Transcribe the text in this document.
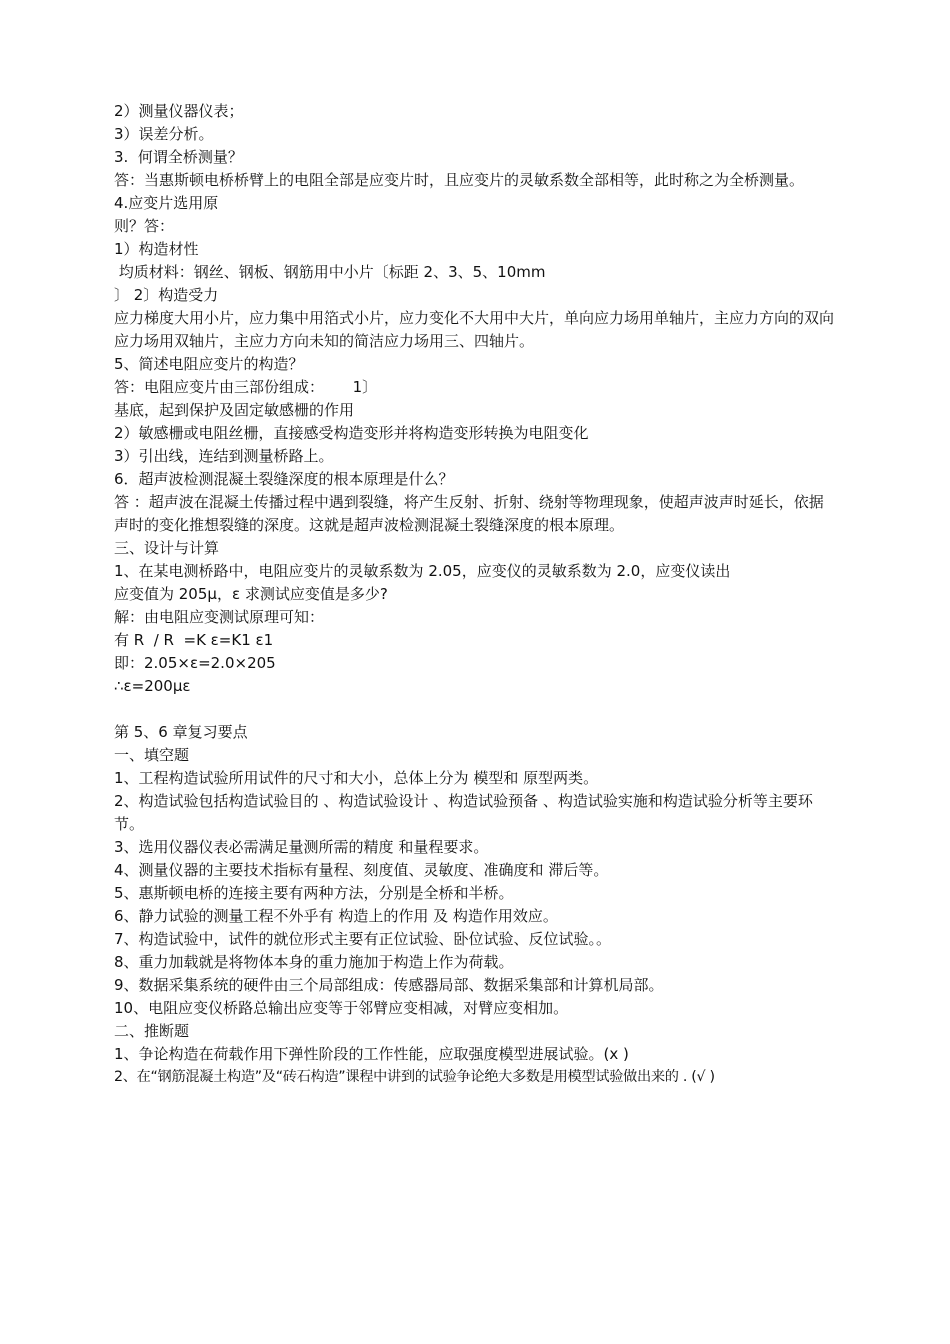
2）测量仪器仪表；
3）误差分析。
3.  何谓全桥测量？
答：当惠斯顿电桥桥臂上的电阻全部是应变片时，且应变片的灵敏系数全部相等，此时称之为全桥测量。
4.应变片选用原
则？答：
1）构造材性
均质材料：钢丝、钢板、钢筋用中小片〔标距 2、3、5、10mm
〕 2〕构造受力
应力梯度大用小片，应力集中用箔式小片，应力变化不大用中大片，单向应力场用单轴片，主应力方向的双向应力场用双轴片，主应力方向未知的简洁应力场用三、四轴片。
5、简述电阻应变片的构造？
答：电阻应变片由三部份组成：      1〕
基底，起到保护及固定敏感栅的作用
2）敏感栅或电阻丝栅，直接感受构造变形并将构造变形转换为电阻变化
3）引出线，连结到测量桥路上。
6．超声波检测混凝土裂缝深度的根本原理是什么？
答 ：超声波在混凝土传播过程中遇到裂缝，将产生反射、折射、绕射等物理现象，使超声波声时延长，依据声时的变化推想裂缝的深度。这就是超声波检测混凝土裂缝深度的根本原理。
三、设计与计算
1、在某电测桥路中，电阻应变片的灵敏系数为 2.05，应变仪的灵敏系数为 2.0，应变仪读出
应变值为 205μ，ε 求测试应变值是多少?
解：由电阻应变测试原理可知：
有 R  / R  =K ε=K1 ε1
即：2.05×ε=2.0×205
∴ε=200με
第 5、6 章复习要点
一、填空题
1、工程构造试验所用试件的尺寸和大小，总体上分为 模型和 原型两类。
2、构造试验包括构造试验目的 、构造试验设计 、构造试验预备 、构造试验实施和构造试验分析等主要环节。
3、选用仪器仪表必需满足量测所需的精度 和量程要求。
4、测量仪器的主要技术指标有量程、刻度值、灵敏度、准确度和 滞后等。
5、惠斯顿电桥的连接主要有两种方法，分别是全桥和半桥。
6、静力试验的测量工程不外乎有 构造上的作用 及 构造作用效应。
7、构造试验中，试件的就位形式主要有正位试验、卧位试验、反位试验。。
8、重力加载就是将物体本身的重力施加于构造上作为荷载。
9、数据采集系统的硬件由三个局部组成：传感器局部、数据采集部和计算机局部。
10、电阻应变仪桥路总输出应变等于邻臂应变相减，对臂应变相加。
二、推断题
1、争论构造在荷载作用下弹性阶段的工作性能，应取强度模型进展试验。(x )
2、在“钢筋混凝土构造”及“砖石构造”课程中讲到的试验争论绝大多数是用模型试验做出来的 . (√ )
